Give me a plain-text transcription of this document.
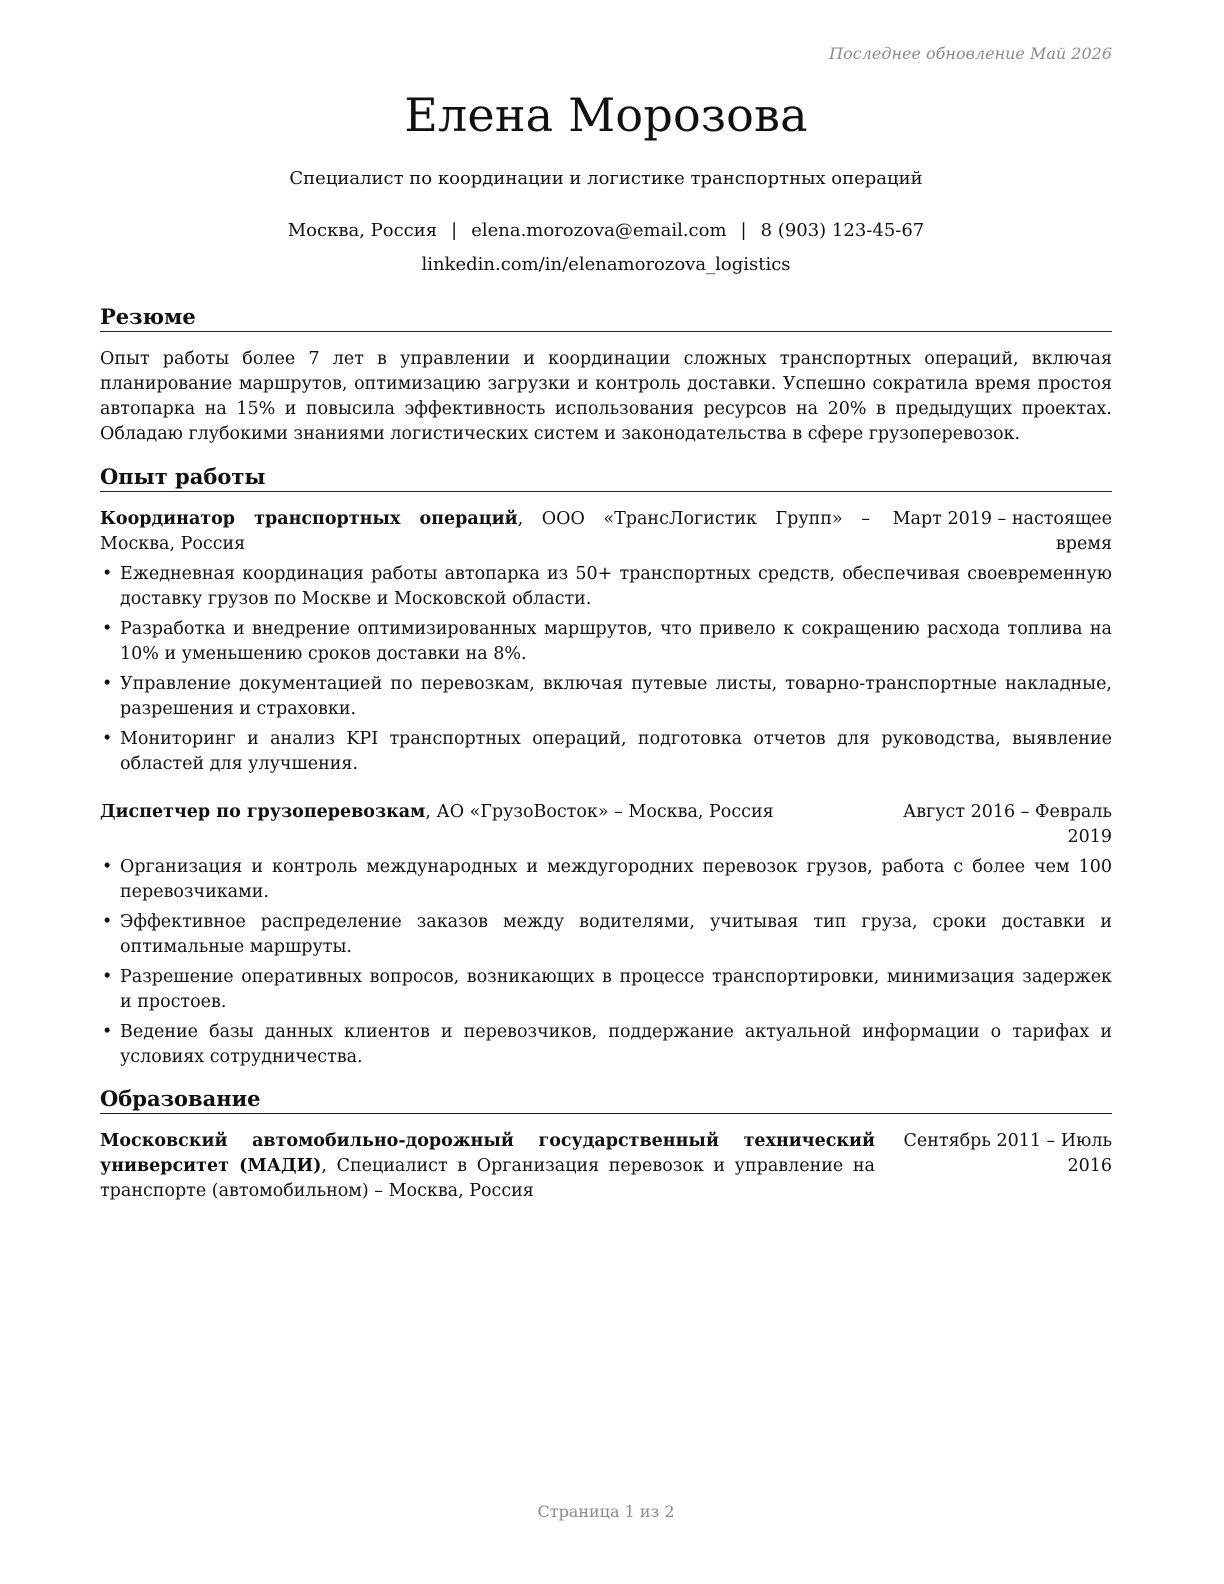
Последнее обновление Май 2026
Елена Морозова
Специалист по координации и логистике транспортных операций
Москва, Россия | elena.morozova@email.com | 8 (903) 123-45-67
linkedin.com/in/elenamorozova_logistics
Резюме
Опыт работы более 7 лет в управлении и координации сложных транспортных операций, включая планирование маршрутов, оптимизацию загрузки и контроль доставки. Успешно сократила время простоя автопарка на 15% и повысила эффективность использования ресурсов на 20% в предыдущих проектах. Обладаю глубокими знаниями логистических систем и законодательства в сфере грузоперевозок.
Опыт работы
Координатор транспортных операций, ООО «ТрансЛогистик Групп» – Москва, Россия
Март 2019 – настоящее время
• Ежедневная координация работы автопарка из 50+ транспортных средств, обеспечивая своевременную доставку грузов по Москве и Московской области.
• Разработка и внедрение оптимизированных маршрутов, что привело к сокращению расхода топлива на 10% и уменьшению сроков доставки на 8%.
• Управление документацией по перевозкам, включая путевые листы, товарно-транспортные накладные, разрешения и страховки.
• Мониторинг и анализ KPI транспортных операций, подготовка отчетов для руководства, выявление областей для улучшения.
Диспетчер по грузоперевозкам, АО «ГрузоВосток» – Москва, Россия	Август 2016 – Февраль 2019
• Организация и контроль международных и междугородних перевозок грузов, работа с более чем 100 перевозчиками.
• Эффективное распределение заказов между водителями, учитывая тип груза, сроки доставки и оптимальные маршруты.
• Разрешение оперативных вопросов, возникающих в процессе транспортировки, минимизация задержек и простоев.
• Ведение базы данных клиентов и перевозчиков, поддержание актуальной информации о тарифах и условиях сотрудничества.
Образование
Московский автомобильно-дорожный государственный технический университет (МАДИ), Специалист в Организация перевозок и управление на транспорте (автомобильном) – Москва, Россия
Сентябрь 2011 – Июль 2016
Страница 1 из 2
